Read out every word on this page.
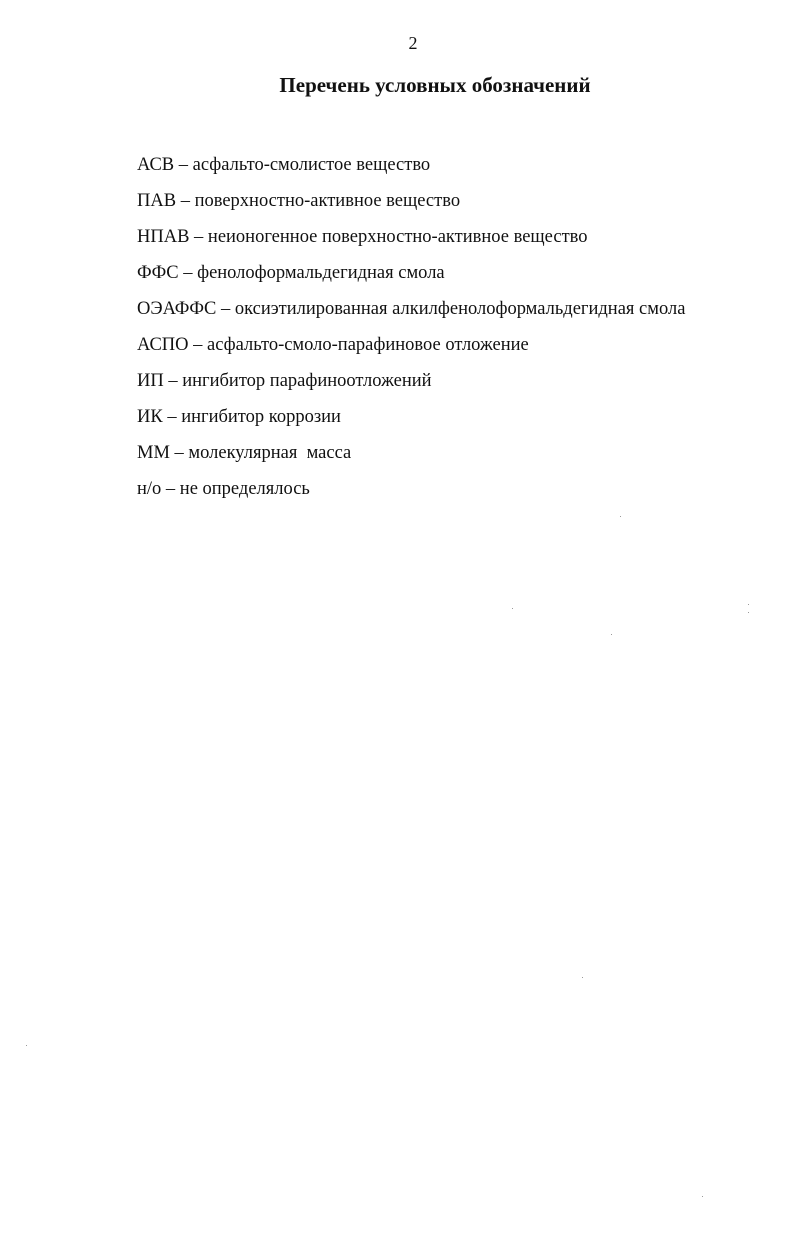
2
Перечень условных обозначений
АСВ – асфальто-смолистое вещество
ПАВ – поверхностно-активное вещество
НПАВ – неионогенное поверхностно-активное вещество
ФФС – фенолоформальдегидная смола
ОЭАФФС – оксиэтилированная алкилфенолоформальдегидная смола
АСПО – асфальто-смоло-парафиновое отложение
ИП – ингибитор парафиноотложений
ИК – ингибитор коррозии
ММ – молекулярная  масса
н/о – не определялось
